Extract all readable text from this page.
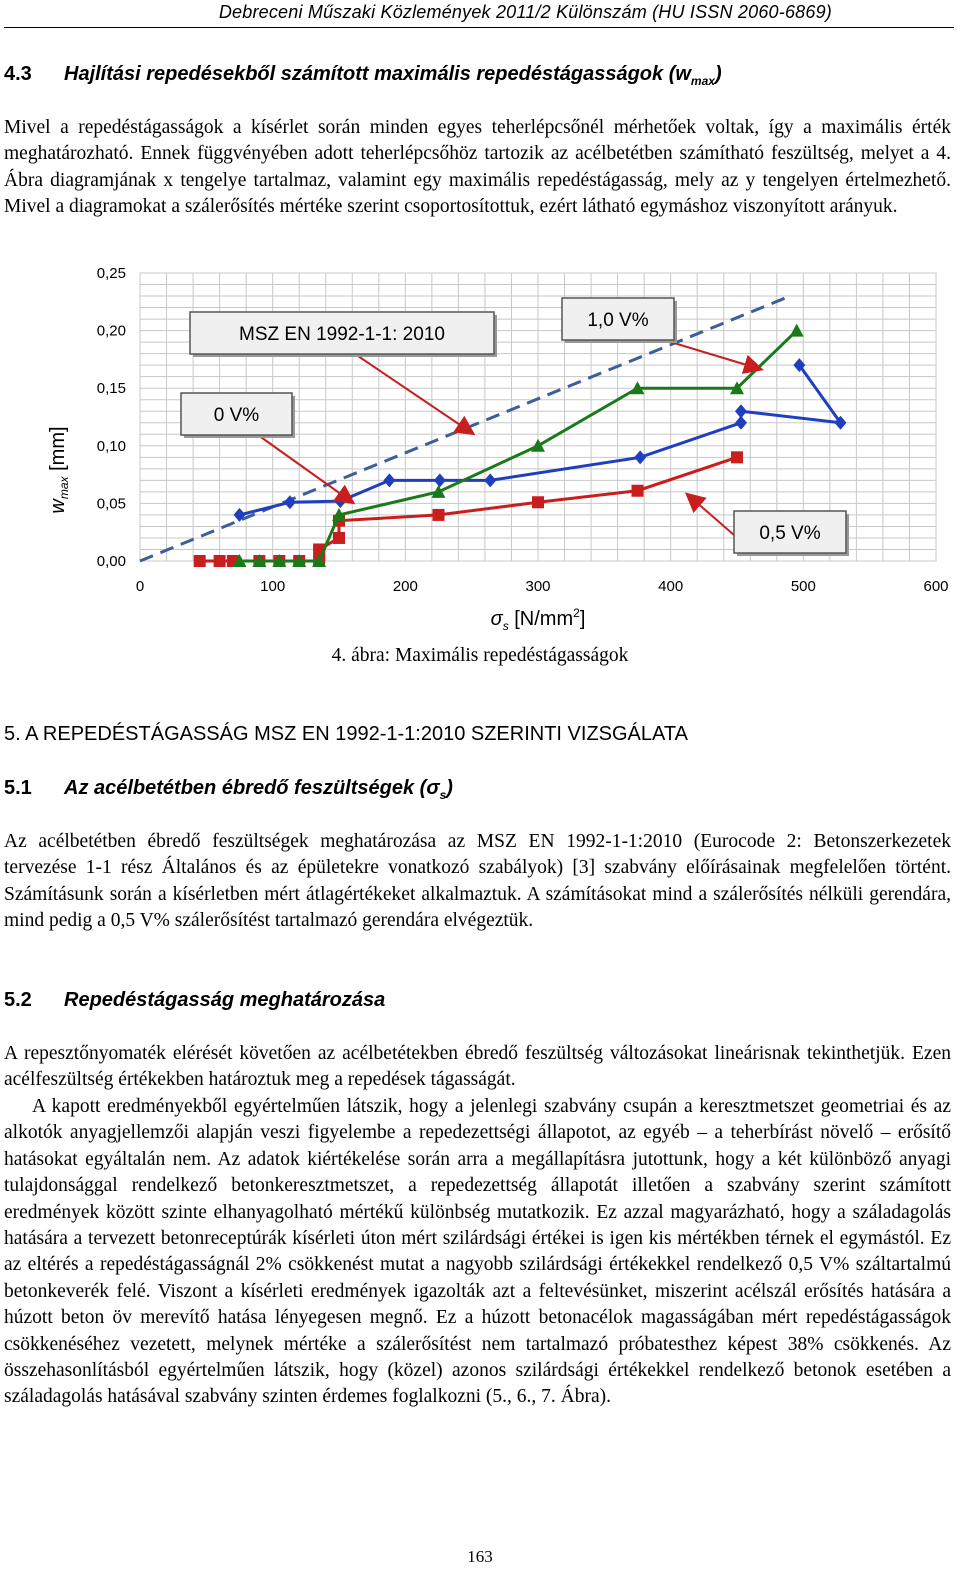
Debreceni Műszaki Közlemények 2011/2 Különszám (HU ISSN 2060-6869)
4.3 Hajlítási repedésekből számított maximális repedéstágasságok $(w_{max})$
Mivel a repedéstágasságok a kísérlet során minden egyes teherlépcsőnél mérhetőek voltak, így a maximális érték meghatározható. Ennek függvényében adott teherlépcsőhöz tartozik az acélbetétben számítható feszültség, melyet a 4. Ábra diagramjának x tengelye tartalmaz, valamint egy maximális repedéstágasság, mely az y tengelyen értelmezhető. Mivel a diagramokat a szálerősítés mértéke szerint csoportosítottuk, ezért látható egymáshoz viszonyított arányuk.
0	100	200	300	400	500	600
0,00
0,05
0,10
0,15
0,20
0,25
$w_{max}$ [mm]
$\sigma_s$ $[N/mm^2]$
MSZ EN 1992-1-1: 2010
1,0 V%
0 V%
0,5 V%
4. ábra: Maximális repedéstágasságok
5. A REPEDÉSTÁGASSÁG MSZ EN 1992-1-1:2010 SZERINTI VIZSGÁLATA
5.1 Az acélbetétben ébredő feszültségek $(\sigma_s)$
Az acélbetétben ébredő feszültségek meghatározása az MSZ EN 1992-1-1:2010 (Eurocode 2: Betonszerkezetek tervezése 1-1 rész Általános és az épületekre vonatkozó szabályok) [3] szabvány előírásainak megfelelően történt. Számításunk során a kísérletben mért átlagértékeket alkalmaztuk. A számításokat mind a szálerősítés nélküli gerendára, mind pedig a 0,5 V% szálerősítést tartalmazó gerendára elvégeztük.
5.2 Repedéstágasság meghatározása
A repesztőnyomaték elérését követően az acélbetétekben ébredő feszültség változásokat lineárisnak tekinthetjük. Ezen acélfeszültség értékekben határoztuk meg a repedések tágasságát.
A kapott eredményekből egyértelműen látszik, hogy a jelenlegi szabvány csupán a keresztmetszet geometriai és az alkotók anyagjellemzői alapján veszi figyelembe a repedezettségi állapotot, az egyéb – a teherbírást növelő – erősítő hatásokat egyáltalán nem. Az adatok kiértékelése során arra a megállapításra jutottunk, hogy a két különböző anyagi tulajdonsággal rendelkező betonkeresztmetszet, a repedezettség állapotát illetően a szabvány szerint számított eredmények között szinte elhanyagolható mértékű különbség mutatkozik. Ez azzal magyarázható, hogy a száladagolás hatására a tervezett betonreceptúrák kísérleti úton mért szilárdsági értékei is igen kis mértékben térnek el egymástól. Ez az eltérés a repedéstágasságnál 2% csökkenést mutat a nagyobb szilárdsági értékekkel rendelkező 0,5 V% száltartalmú betonkeverék felé. Viszont a kísérleti eredmények igazolták azt a feltevésünket, miszerint acélszál erősítés hatására a húzott beton öv merevítő hatása lényegesen megnő. Ez a húzott betonacélok magasságában mért repedéstágasságok csökkenéséhez vezetett, melynek mértéke a szálerősítést nem tartalmazó próbatesthez képest 38% csökkenés. Az összehasonlításból egyértelműen látszik, hogy (közel) azonos szilárdsági értékekkel rendelkező betonok esetében a száladagolás hatásával szabvány szinten érdemes foglalkozni (5., 6., 7. Ábra).
163
